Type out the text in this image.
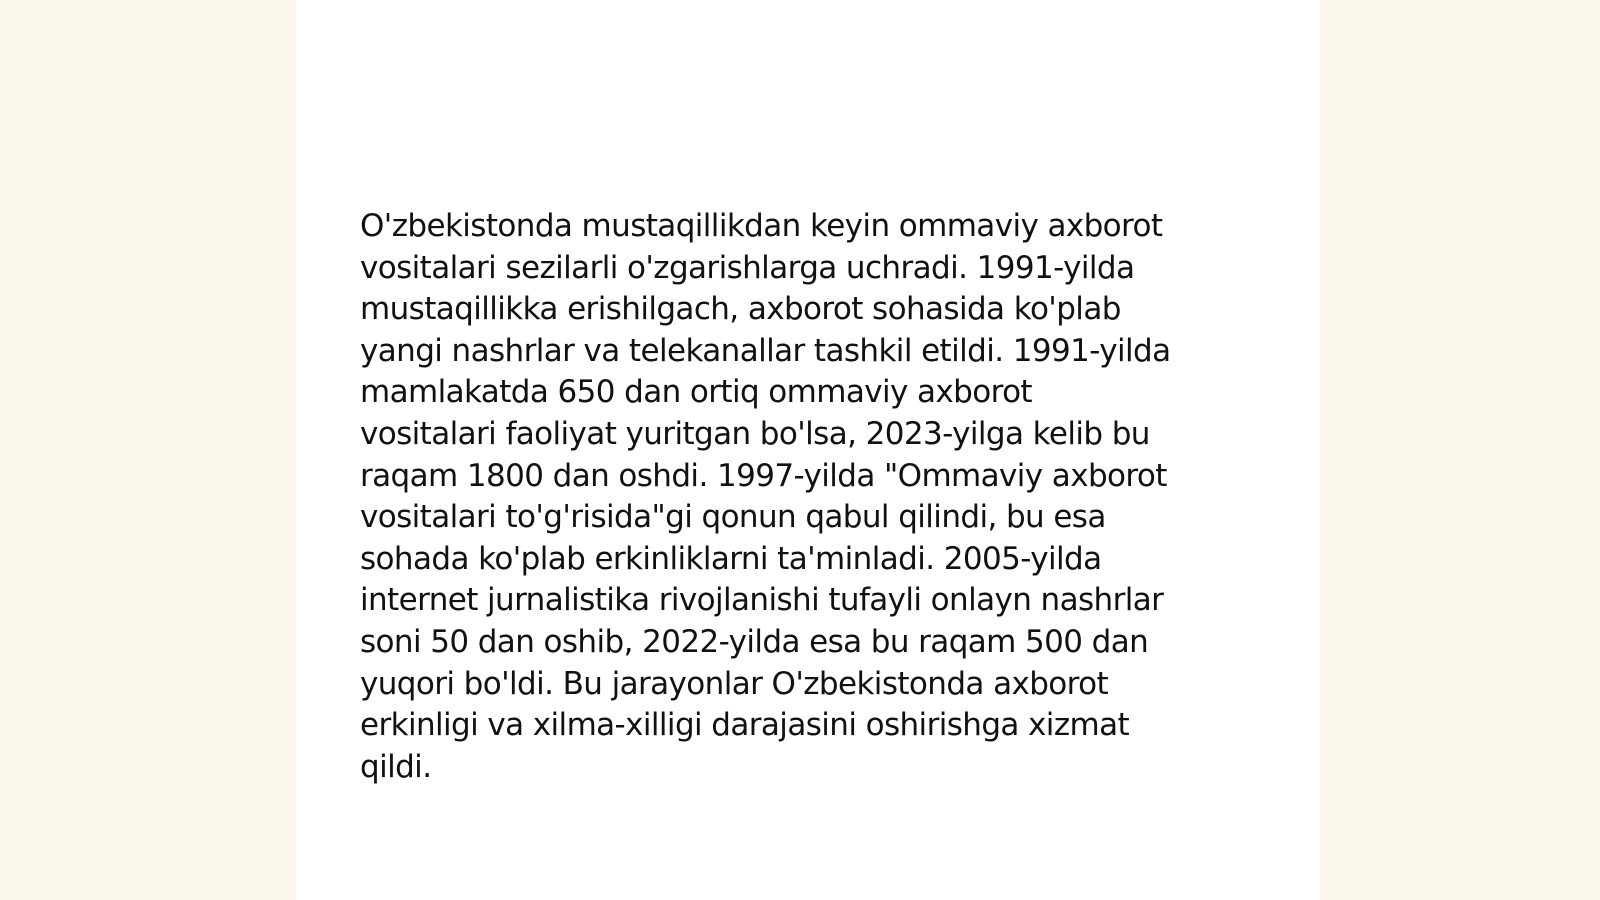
O'zbekistonda mustaqillikdan keyin ommaviy axborot
vositalari sezilarli o'zgarishlarga uchradi. 1991-yilda
mustaqillikka erishilgach, axborot sohasida ko'plab
yangi nashrlar va telekanallar tashkil etildi. 1991-yilda
mamlakatda 650 dan ortiq ommaviy axborot
vositalari faoliyat yuritgan bo'lsa, 2023-yilga kelib bu
raqam 1800 dan oshdi. 1997-yilda "Ommaviy axborot
vositalari to'g'risida"gi qonun qabul qilindi, bu esa
sohada ko'plab erkinliklarni ta'minladi. 2005-yilda
internet jurnalistika rivojlanishi tufayli onlayn nashrlar
soni 50 dan oshib, 2022-yilda esa bu raqam 500 dan
yuqori bo'ldi. Bu jarayonlar O'zbekistonda axborot
erkinligi va xilma-xilligi darajasini oshirishga xizmat
qildi.
